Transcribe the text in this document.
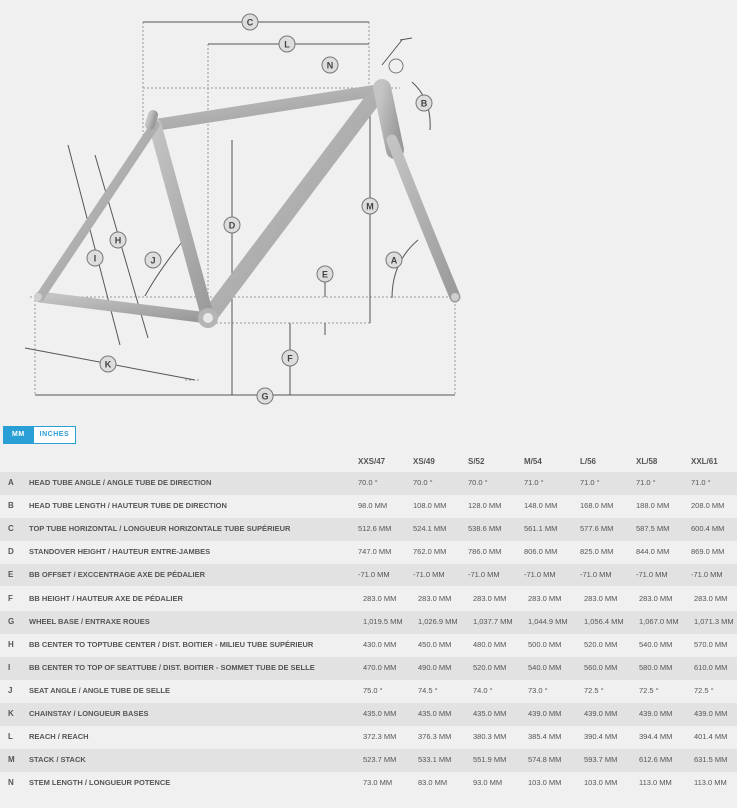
C
L
N
B
M
D
H
I	J	A
E
F
K
G
MM	INCHES
XXS/47	XS/49	S/52	M/54	L/56	XL/58	XXL/61
A HEAD TUBE ANGLE / ANGLE TUBE DE DIRECTION	70.0 °	70.0 °	70.0 °	71.0 °	71.0 °	71.0 °	71.0 °
B HEAD TUBE LENGTH / HAUTEUR TUBE DE DIRECTION	98.0 MM	108.0 MM	128.0 MM	148.0 MM	168.0 MM	188.0 MM	208.0 MM
C TOP TUBE HORIZONTAL / LONGUEUR HORIZONTALE TUBE SUPÉRIEUR	512.6 MM	524.1 MM	538.6 MM	561.1 MM	577.6 MM	587.5 MM	600.4 MM
D STANDOVER HEIGHT / HAUTEUR ENTRE-JAMBES	747.0 MM	762.0 MM	786.0 MM	806.0 MM	825.0 MM	844.0 MM	869.0 MM
E BB OFFSET / EXCCENTRAGE AXE DE PÉDALIER	-71.0 MM	-71.0 MM	-71.0 MM	-71.0 MM	-71.0 MM	-71.0 MM	-71.0 MM
F BB HEIGHT / HAUTEUR AXE DE PÉDALIER	283.0 MM	283.0 MM	283.0 MM	283.0 MM	283.0 MM	283.0 MM	283.0 MM
G WHEEL BASE / ENTRAXE ROUES	1,019.5 MM 1,026.9 MM 1,037.7 MM 1,044.9 MM 1,056.4 MM 1,067.0 MM 1,071.3 MM
H BB CENTER TO TOPTUBE CENTER / DIST. BOITIER - MILIEU TUBE SUPÉRIEUR	430.0 MM	450.0 MM	480.0 MM	500.0 MM	520.0 MM	540.0 MM	570.0 MM
I	BB CENTER TO TOP OF SEATTUBE / DIST. BOITIER - SOMMET TUBE DE SELLE	470.0 MM	490.0 MM	520.0 MM	540.0 MM	560.0 MM	580.0 MM	610.0 MM
J SEAT ANGLE / ANGLE TUBE DE SELLE	75.0 °	74.5 °	74.0 °	73.0 °	72.5 °	72.5 °	72.5 °
K CHAINSTAY / LONGUEUR BASES	435.0 MM	435.0 MM	435.0 MM	439.0 MM	439.0 MM	439.0 MM	439.0 MM
L REACH / REACH	372.3 MM	376.3 MM	380.3 MM	385.4 MM	390.4 MM	394.4 MM	401.4 MM
M STACK / STACK	523.7 MM	533.1 MM	551.9 MM	574.8 MM	593.7 MM	612.6 MM	631.5 MM
N STEM LENGTH / LONGUEUR POTENCE	73.0 MM	83.0 MM	93.0 MM	103.0 MM	103.0 MM	113.0 MM	113.0 MM
